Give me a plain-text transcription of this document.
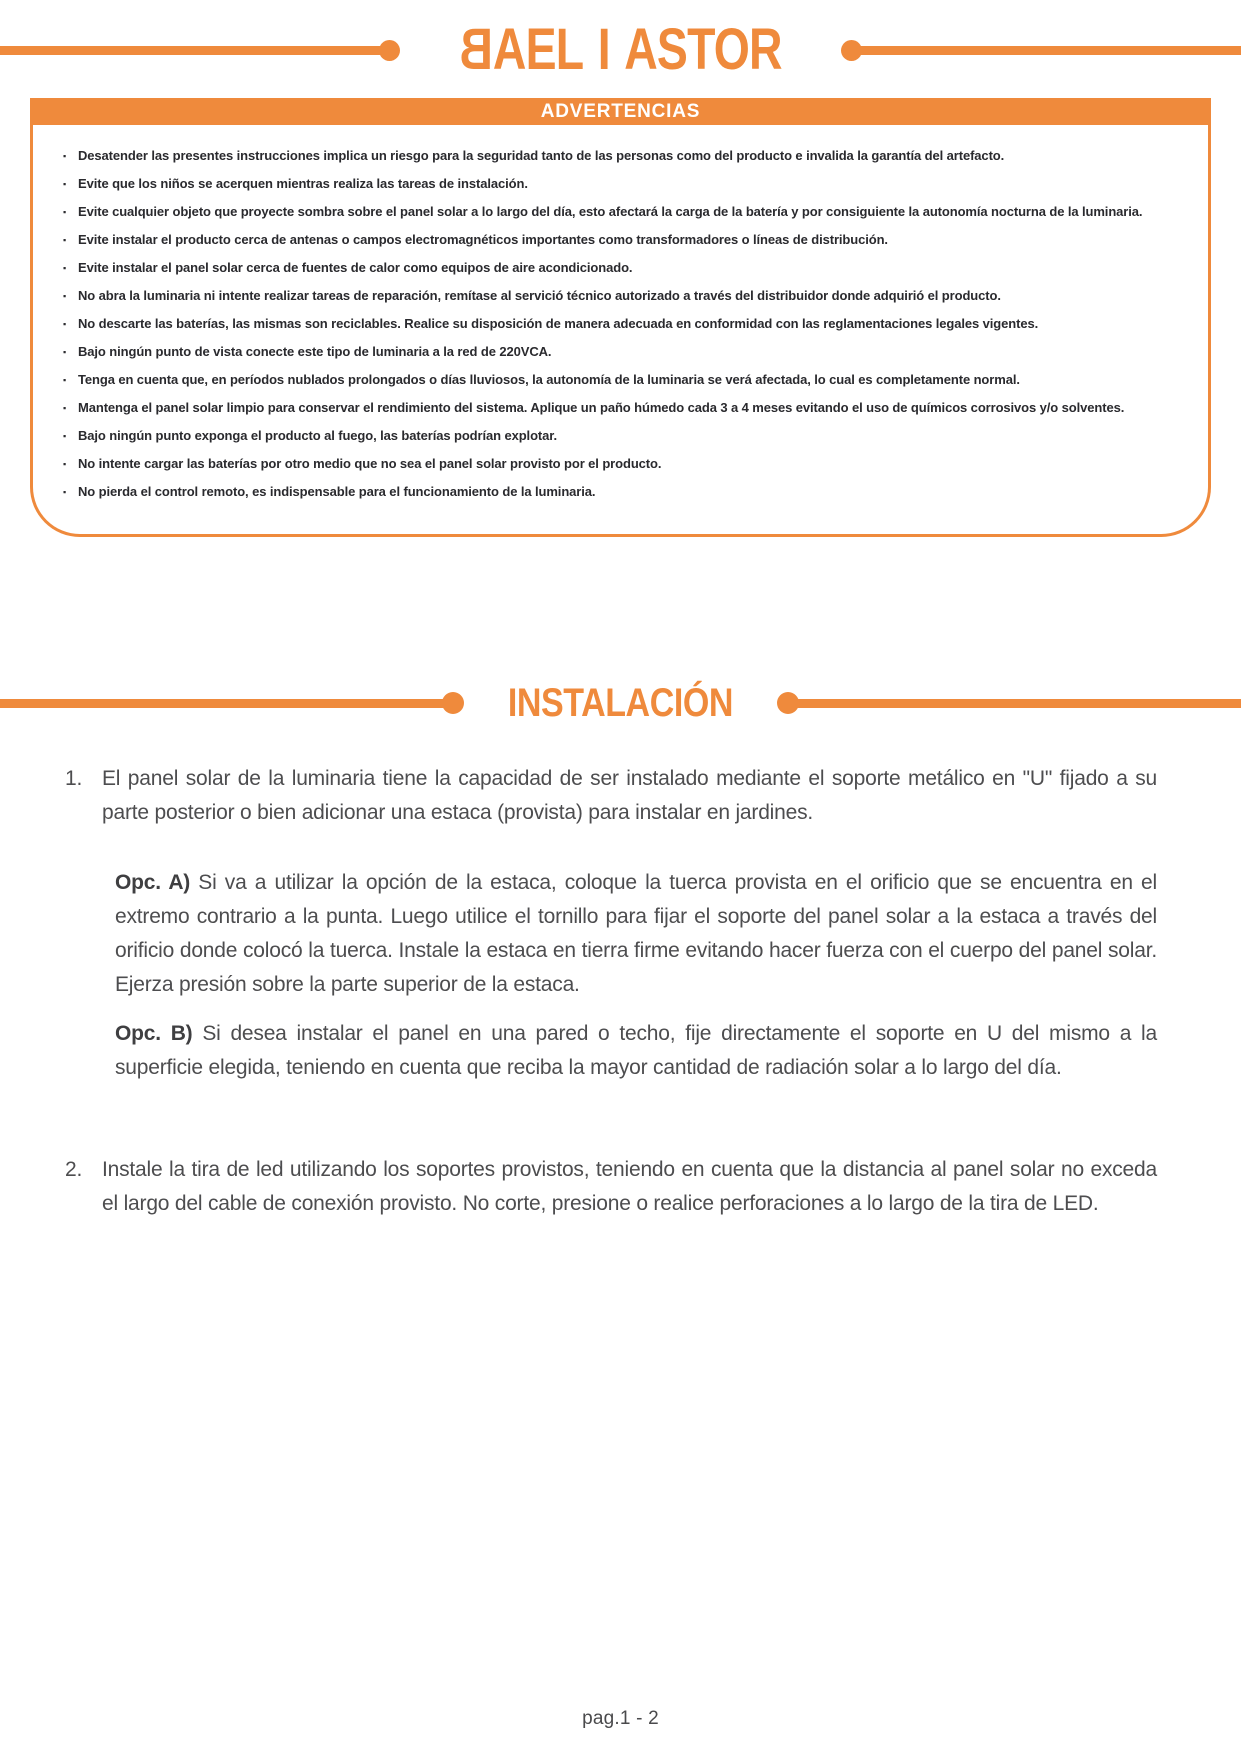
BAEL I ASTOR
ADVERTENCIAS
▪ Desatender las presentes instrucciones implica un riesgo para la seguridad tanto de las personas como del producto e invalida la garantía del artefacto.
▪ Evite que los niños se acerquen mientras realiza las tareas de instalación.
▪ Evite cualquier objeto que proyecte sombra sobre el panel solar a lo largo del día, esto afectará la carga de la batería y por consiguiente la autonomía nocturna de la luminaria.
▪ Evite instalar el producto cerca de antenas o campos electromagnéticos importantes como transformadores o líneas de distribución.
▪ Evite instalar el panel solar cerca de fuentes de calor como equipos de aire acondicionado.
▪ No abra la luminaria ni intente realizar tareas de reparación, remítase al servició técnico autorizado a través del distribuidor donde adquirió el producto.
▪ No descarte las baterías, las mismas son reciclables. Realice su disposición de manera adecuada en conformidad con las reglamentaciones legales vigentes.
▪ Bajo ningún punto de vista conecte este tipo de luminaria a la red de 220VCA.
▪ Tenga en cuenta que, en períodos nublados prolongados o días lluviosos, la autonomía de la luminaria se verá afectada, lo cual es completamente normal.
▪ Mantenga el panel solar limpio para conservar el rendimiento del sistema. Aplique un paño húmedo cada 3 a 4 meses evitando el uso de químicos corrosivos y/o solventes.
▪ Bajo ningún punto exponga el producto al fuego, las baterías podrían explotar.
▪ No intente cargar las baterías por otro medio que no sea el panel solar provisto por el producto.
▪ No pierda el control remoto, es indispensable para el funcionamiento de la luminaria.
INSTALACIÓN
1. El panel solar de la luminaria tiene la capacidad de ser instalado mediante el soporte metálico en "U" fijado a su parte posterior o bien adicionar una estaca (provista) para instalar en jardines.

Opc. A) Si va a utilizar la opción de la estaca, coloque la tuerca provista en el orificio que se encuentra en el extremo contrario a la punta. Luego utilice el tornillo para fijar el soporte del panel solar a la estaca a través del orificio donde colocó la tuerca. Instale la estaca en tierra firme evitando hacer fuerza con el cuerpo del panel solar. Ejerza presión sobre la parte superior de la estaca.

Opc. B) Si desea instalar el panel en una pared o techo, fije directamente el soporte en U del mismo a la superficie elegida, teniendo en cuenta que reciba la mayor cantidad de radiación solar a lo largo del día.

2. Instale la tira de led utilizando los soportes provistos, teniendo en cuenta que la distancia al panel solar no exceda el largo del cable de conexión provisto. No corte, presione o realice perforaciones a lo largo de la tira de LED.

pag.1 - 2
